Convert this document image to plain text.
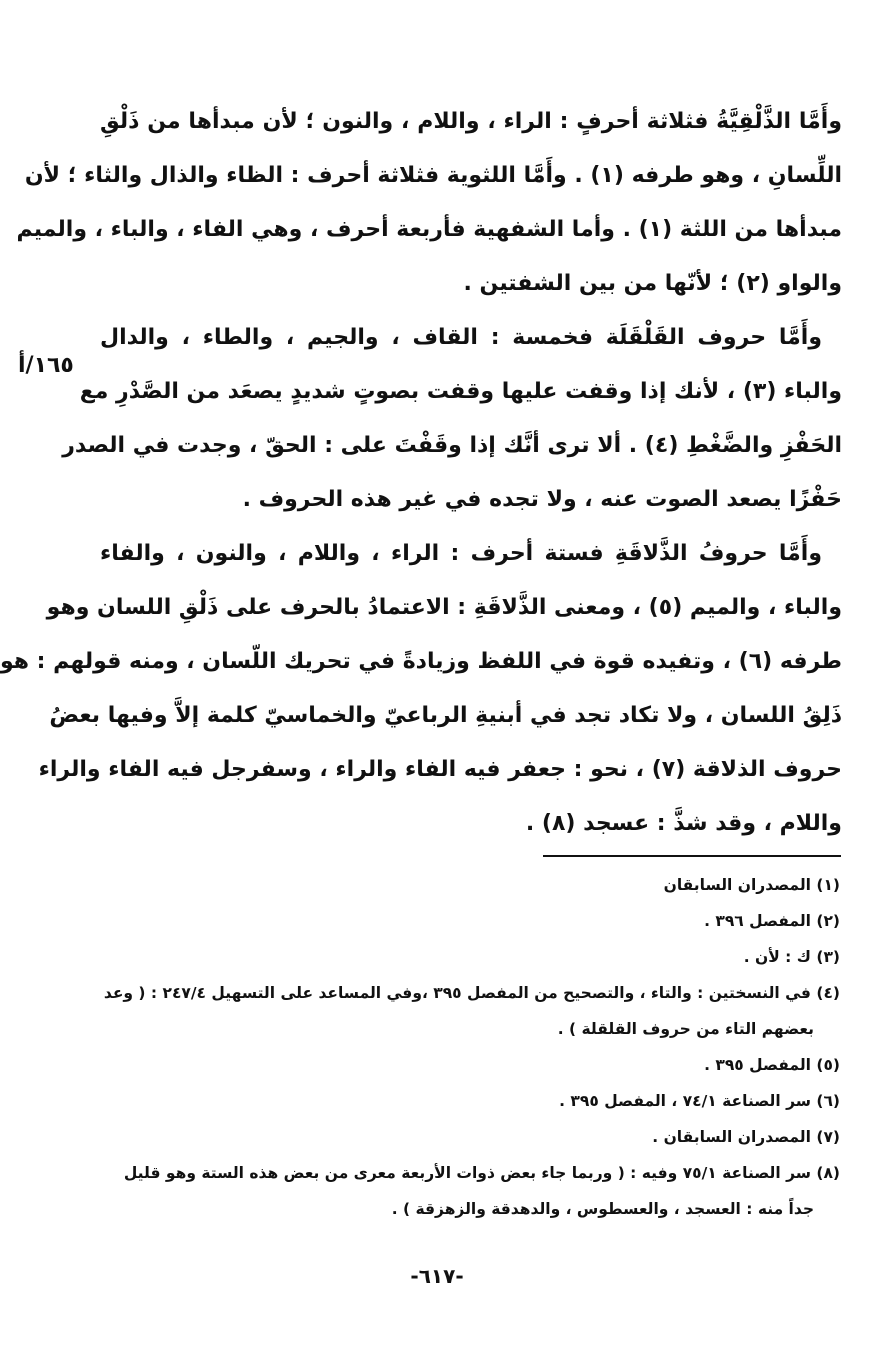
وأَمَّا الذَّلْقِيَّةُ فثلاثة أحرفٍ : الراء ، واللام ، والنون ؛ لأن مبدأها من ذَلْقِ
اللِّسانِ ، وهو طرفه (١) . وأَمَّا اللثوية فثلاثة أحرف : الظاء والذال والثاء ؛ لأن
مبدأها من اللثة (١) . وأما الشفهية فأربعة أحرف ، وهي الفاء ، والباء ، والميم
والواو (٢) ؛ لأنّها من بين الشفتين .
وأَمَّا حروف القَلْقَلَة فخمسة : القاف ، والجيم ، والطاء ، والدال
والباء (٣) ، لأنك إذا وقفت عليها وقفت بصوتٍ شديدٍ يصعَد من الصَّدْرِ مع
الحَفْزِ والضَّغْطِ (٤) . ألا ترى أنَّك إذا وقَفْتَ على : الحقّ ، وجدت في الصدر
حَفْزًا يصعد الصوت عنه ، ولا تجده في غير هذه الحروف .
وأَمَّا حروفُ الذَّلاقَةِ فستة أحرف : الراء ، واللام ، والنون ، والفاء
والباء ، والميم (٥) ، ومعنى الذَّلاقَةِ : الاعتمادُ بالحرف على ذَلْقِ اللسان وهو
طرفه (٦) ، وتفيده قوة في اللفظ وزيادةً في تحريك اللّسان ، ومنه قولهم : هو
ذَلِقُ اللسان ، ولا تكاد تجد في أبنيةِ الرباعيّ والخماسيّ كلمة إلاَّ وفيها بعضُ
حروف الذلاقة (٧) ، نحو : جعفر فيه الفاء والراء ، وسفرجل فيه الفاء والراء
واللام ، وقد شذَّ : عسجد (٨) .
١٦٥/أ
(١) المصدران السابقان
(٢) المفصل ٣٩٦ .
(٣) ك : لأن .
(٤) في النسختين : والتاء ، والتصحيح من المفصل ٣٩٥ ،وفي المساعد على التسهيل ٢٤٧/٤ : ( وعد
بعضهم التاء من حروف القلقلة ) .
(٥) المفصل ٣٩٥ .
(٦) سر الصناعة ٧٤/١ ، المفصل ٣٩٥ .
(٧) المصدران السابقان .
(٨) سر الصناعة ٧٥/١ وفيه : ( وربما جاء بعض ذوات الأربعة معرى من بعض هذه الستة وهو قليل
جداً منه : العسجد ، والعسطوس ، والدهدقة والزهزقة ) .
-٦١٧-
